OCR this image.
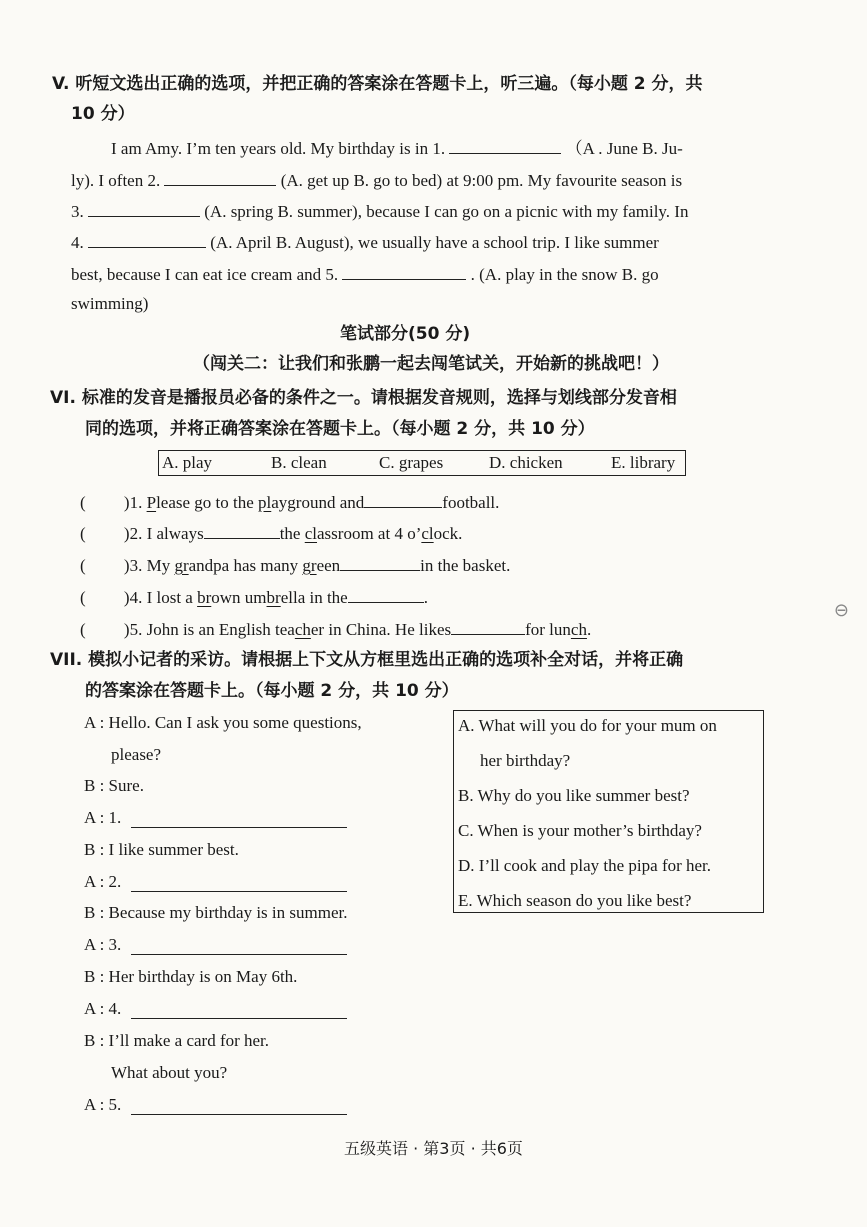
V. 听短文选出正确的选项，并把正确的答案涂在答题卡上，听三遍。（每小题 2 分，共
10 分）
I am Amy. I’m ten years old. My birthday is in 1.	（A . June B. Ju-
ly). I often 2.	(A. get up B. go to bed) at 9:00 pm. My favourite season is
3.	(A. spring B. summer), because I can go on a picnic with my family. In
4.	(A. April B. August), we usually have a school trip. I like summer
best, because I can eat ice cream and 5.	. (A. play in the snow B. go
swimming)
笔试部分(50 分)
（闯关二：让我们和张鹏一起去闯笔试关，开始新的挑战吧！）
VI. 标准的发音是播报员必备的条件之一。请根据发音规则，选择与划线部分发音相
同的选项，并将正确答案涂在答题卡上。（每小题 2 分，共 10 分）
A. play	B. clean	C. grapes	D. chicken	E. library
(         )1. Please go to the playground and	football.
(         )2. I always	the classroom at 4 o’clock.
(         )3. My grandpa has many green	in the basket.
(         )4. I lost a brown umbrella in the	.
(         )5. John is an English teacher in China. He likes	for lunch.
VII. 模拟小记者的采访。请根据上下文从方框里选出正确的选项补全对话，并将正确
的答案涂在答题卡上。（每小题 2 分，共 10 分）
A : Hello. Can I ask you some questions,
please?
B : Sure.
A : 1.
B : I like summer best.
A : 2.
B : Because my birthday is in summer.
A : 3.
B : Her birthday is on May 6th.
A : 4.
B : I’ll make a card for her.
What about you?
A : 5.
A. What will you do for your mum on
her birthday?
B. Why do you like summer best?
C. When is your mother’s birthday?
D. I’ll cook and play the pipa for her.
E. Which season do you like best?
五级英语 · 第3页 · 共6页
⊖
